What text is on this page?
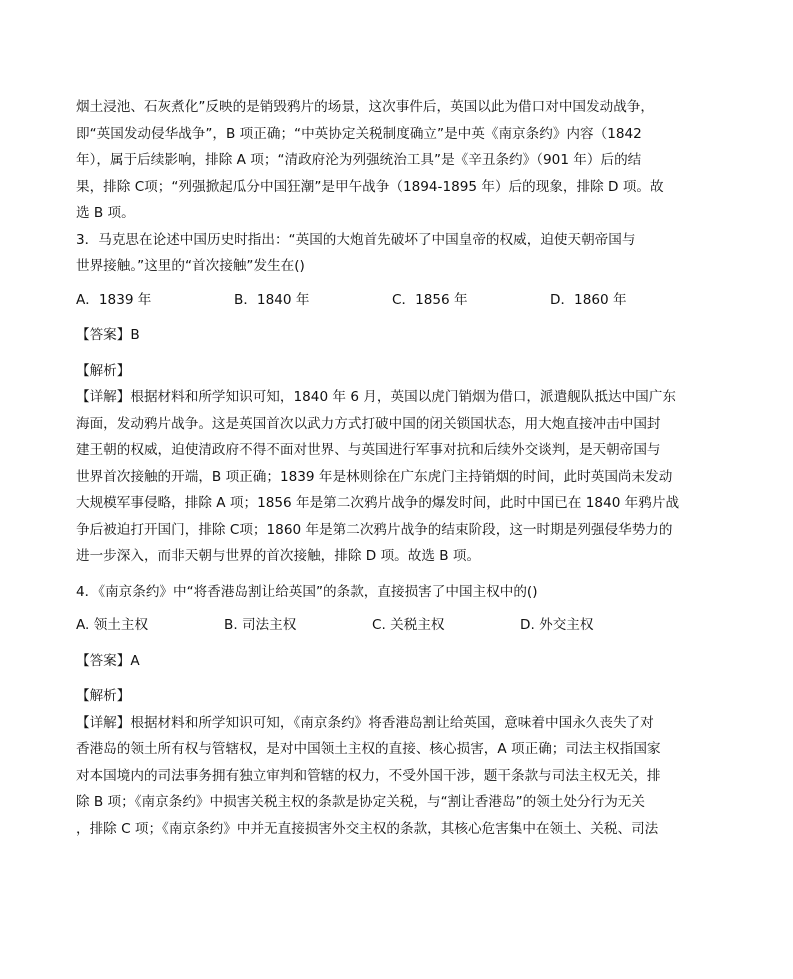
烟土浸池、石灰煮化”反映的是销毁鸦片的场景，这次事件后，英国以此为借口对中国发动战争，
即“英国发动侵华战争”，B 项正确；“中英协定关税制度确立”是中英《南京条约》内容（1842
年），属于后续影响，排除 A 项；“清政府沦为列强统治工具”是《辛丑条约》（901 年）后的结
果，排除 C项；“列强掀起瓜分中国狂潮”是甲午战争（1894-1895 年）后的现象，排除 D 项。故
选 B 项。
3．马克思在论述中国历史时指出：“英国的大炮首先破坏了中国皇帝的权威，迫使天朝帝国与
世界接触。”这里的“首次接触”发生在()
A．1839 年	B．1840 年	C．1856 年	D．1860 年
【答案】B
【解析】
【详解】根据材料和所学知识可知，1840 年 6 月，英国以虎门销烟为借口，派遣舰队抵达中国广东
海面，发动鸦片战争。这是英国首次以武力方式打破中国的闭关锁国状态，用大炮直接冲击中国封
建王朝的权威，迫使清政府不得不面对世界、与英国进行军事对抗和后续外交谈判，是天朝帝国与
世界首次接触的开端，B 项正确；1839 年是林则徐在广东虎门主持销烟的时间，此时英国尚未发动
大规模军事侵略，排除 A 项；1856 年是第二次鸦片战争的爆发时间，此时中国已在 1840 年鸦片战
争后被迫打开国门，排除 C项；1860 年是第二次鸦片战争的结束阶段，这一时期是列强侵华势力的
进一步深入，而非天朝与世界的首次接触，排除 D 项。故选 B 项。
4．《南京条约》中“将香港岛割让给英国”的条款，直接损害了中国主权中的()
A. 领土主权	B. 司法主权	C. 关税主权	D. 外交主权
【答案】A
【解析】
【详解】根据材料和所学知识可知，《南京条约》将香港岛割让给英国，意味着中国永久丧失了对
香港岛的领土所有权与管辖权，是对中国领土主权的直接、核心损害，A 项正确；司法主权指国家
对本国境内的司法事务拥有独立审判和管辖的权力，不受外国干涉，题干条款与司法主权无关，排
除 B 项；《南京条约》中损害关税主权的条款是协定关税，与“割让香港岛”的领土处分行为无关
，排除 C 项；《南京条约》中并无直接损害外交主权的条款，其核心危害集中在领土、关税、司法
